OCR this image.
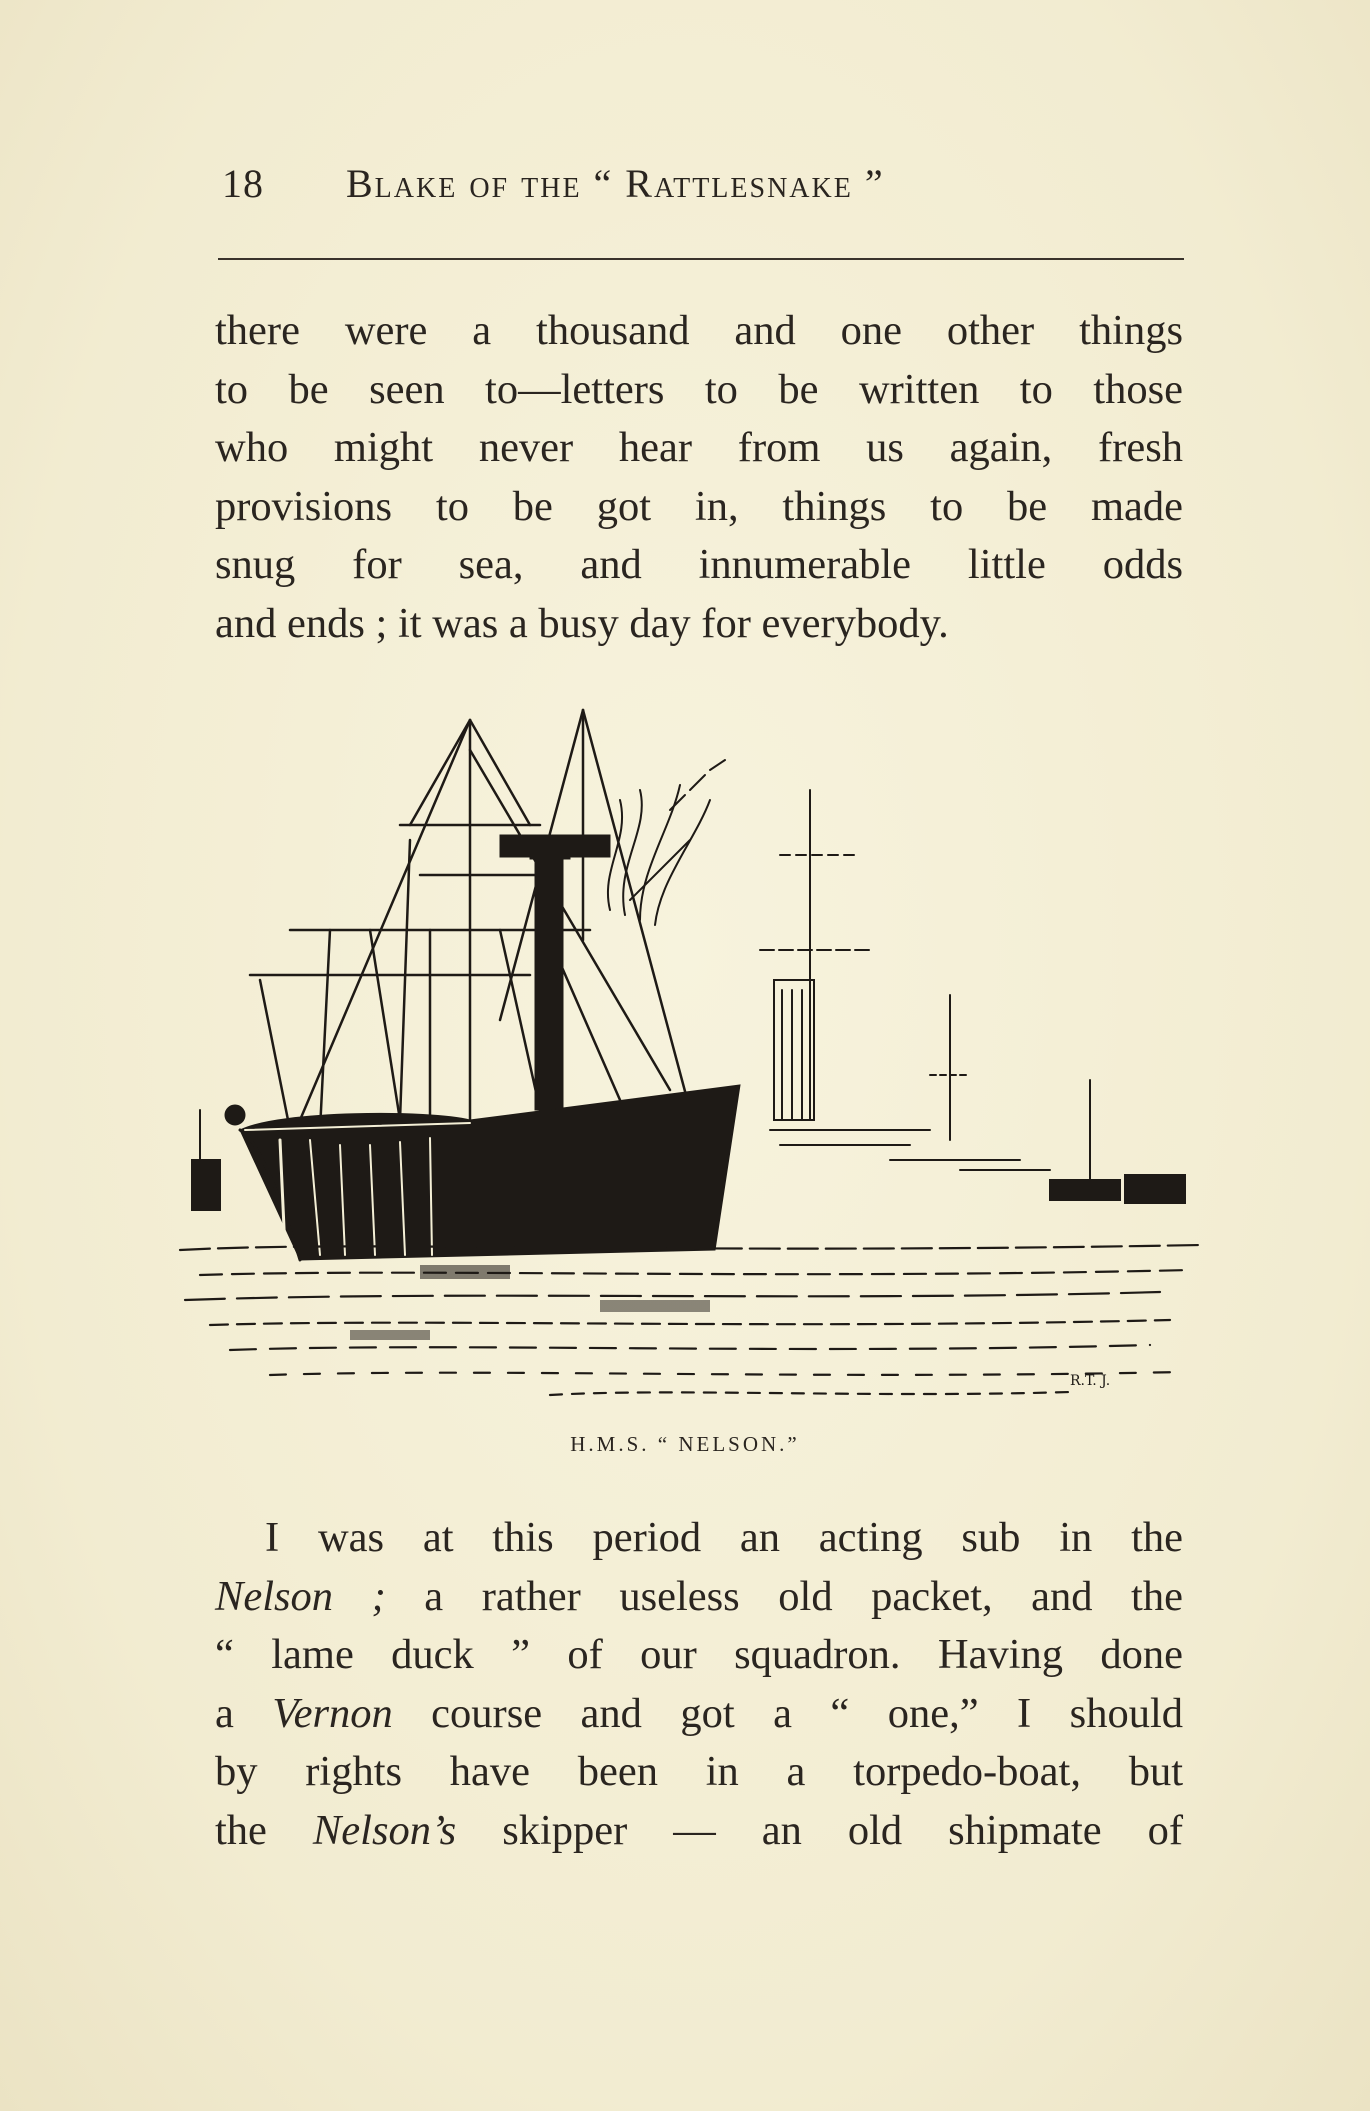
18 Blake of the “ Rattlesnake ”
there were a thousand and one other things
to be seen to—letters to be written to those
who might never hear from us again, fresh
provisions to be got in, things to be made
snug for sea, and innumerable little odds
and ends ; it was a busy day for everybody.
R.T. J.
H.M.S. “ NELSON.”
I was at this period an acting sub in the
Nelson ; a rather useless old packet, and the
“ lame duck ” of our squadron. Having done
a Vernon course and got a “ one,” I should
by rights have been in a torpedo-boat, but
the Nelson’s skipper — an old shipmate of
